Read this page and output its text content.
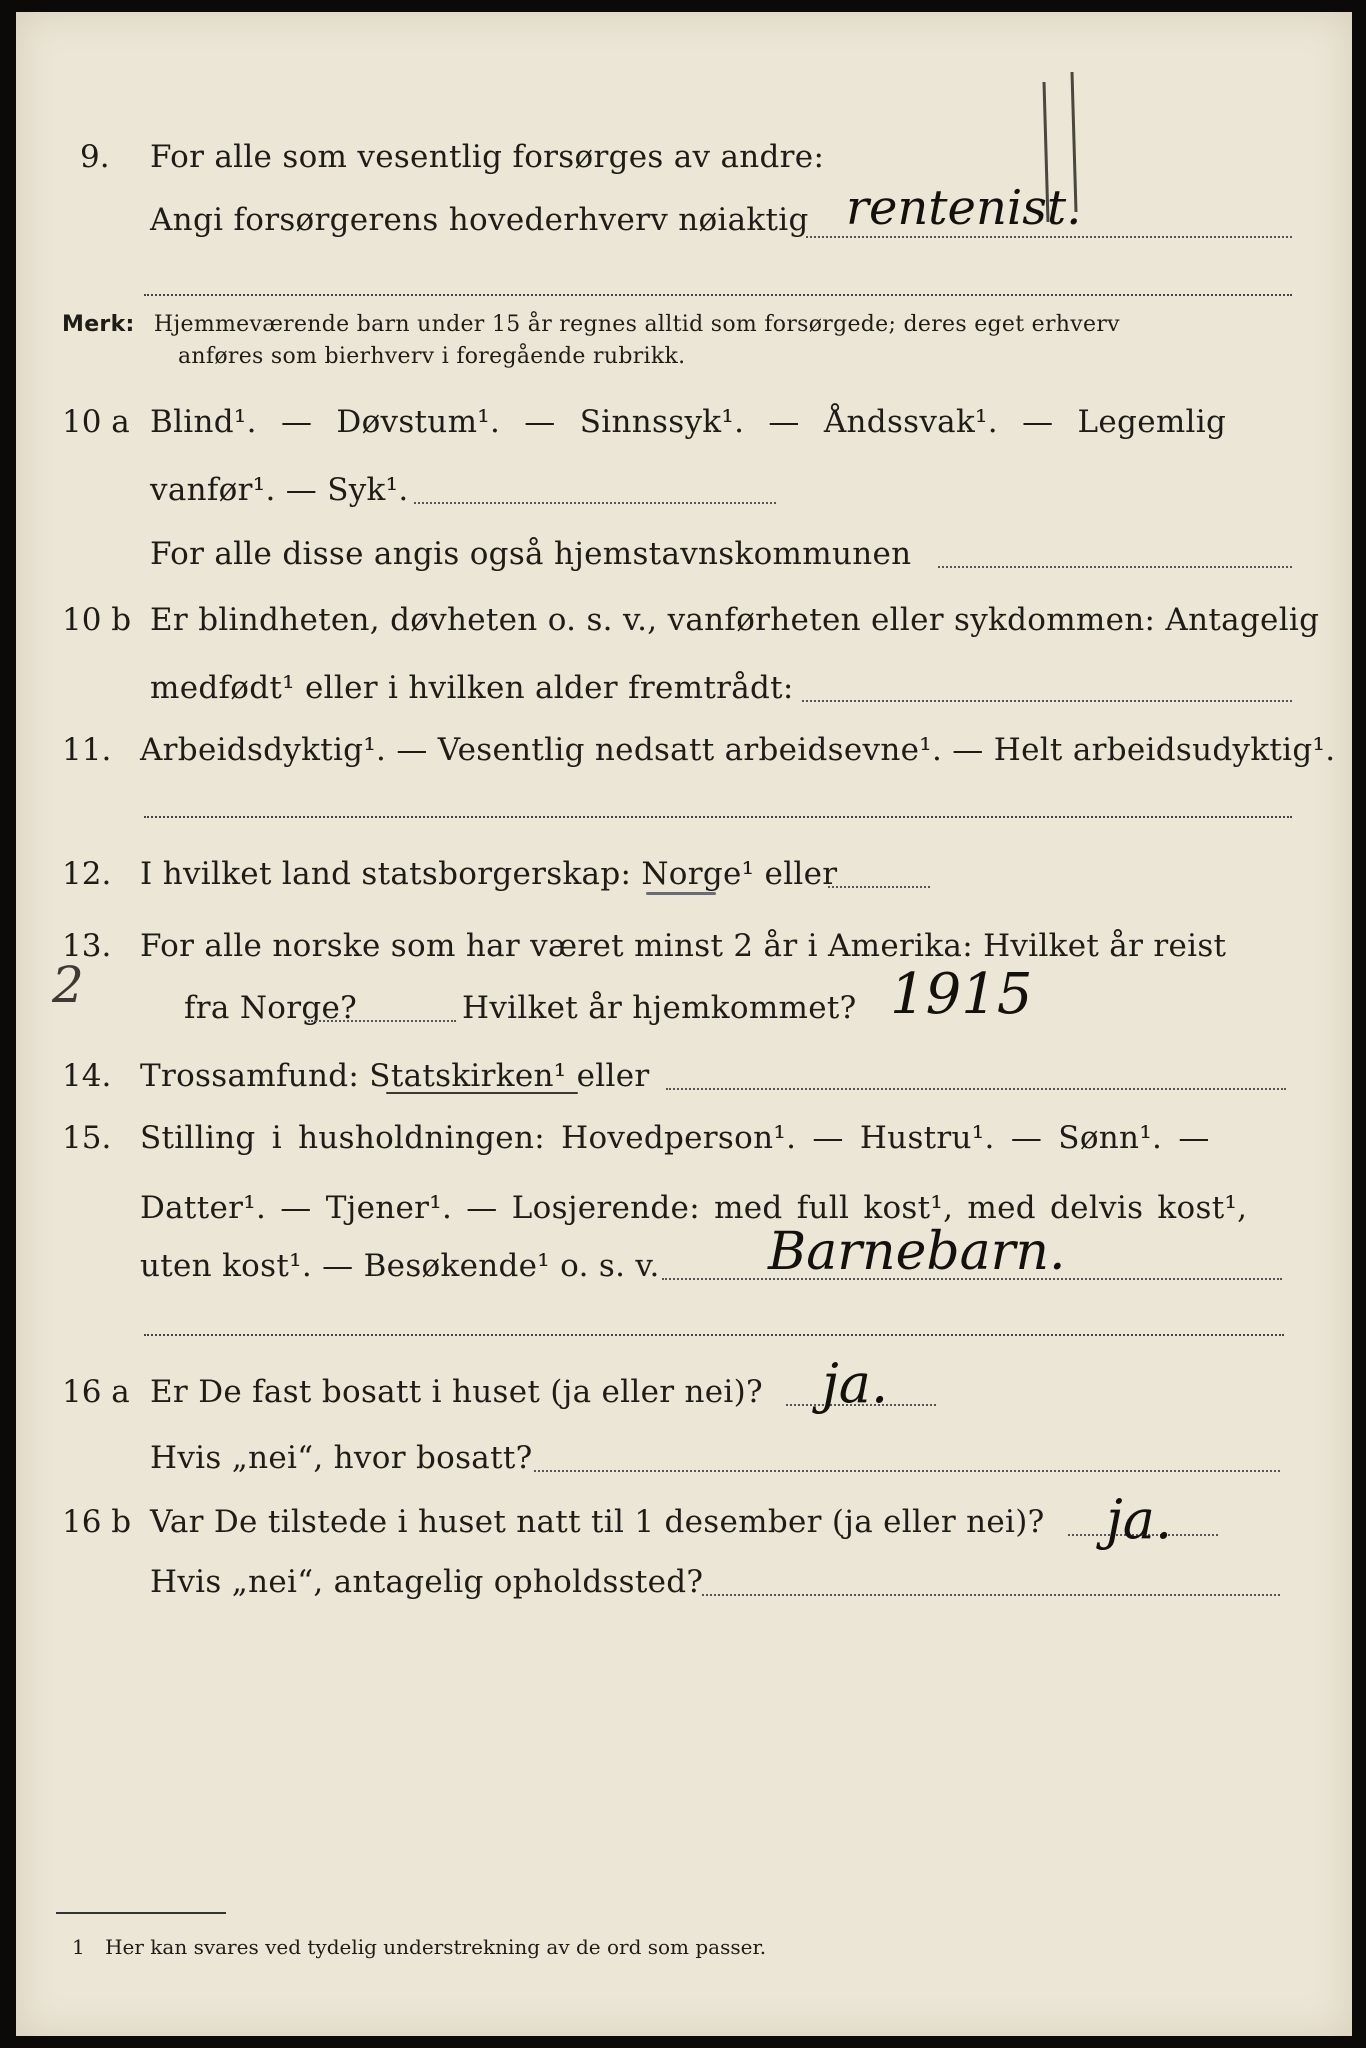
9. For alle som vesentlig forsørges av andre:
Angi forsørgerens hovederhverv nøiaktig rentenist.
Merk: Hjemmeværende barn under 15 år regnes alltid som forsørgede; deres eget erhverv
anføres som bierhverv i foregående rubrikk.
10 a Blind¹. — Døvstum¹. — Sinnssyk¹. — Åndssvak¹. — Legemlig
vanfør¹. — Syk¹.
For alle disse angis også hjemstavnskommunen
10 b Er blindheten, døvheten o. s. v., vanførheten eller sykdommen: Antagelig
medfødt¹ eller i hvilken alder fremtrådt:
11. Arbeidsdyktig¹. — Vesentlig nedsatt arbeidsevne¹. — Helt arbeidsudyktig¹.
12. I hvilket land statsborgerskap: Norge¹ eller
2
13. For alle norske som har været minst 2 år i Amerika: Hvilket år reist
fra Norge?	Hvilket år hjemkommet? 1915
14. Trossamfund: Statskirken¹ eller
15. Stilling i husholdningen: Hovedperson¹. — Hustru¹. — Sønn¹. —
Datter¹. — Tjener¹. — Losjerende: med full kost¹, med delvis kost¹,
uten kost¹. — Besøkende¹ o. s. v. Barnebarn.
16 a Er De fast bosatt i huset (ja eller nei)? ja.
Hvis „nei“, hvor bosatt?
16 b Var De tilstede i huset natt til 1 desember (ja eller nei)? ja.
Hvis „nei“, antagelig opholdssted?
1 Her kan svares ved tydelig understrekning av de ord som passer.
